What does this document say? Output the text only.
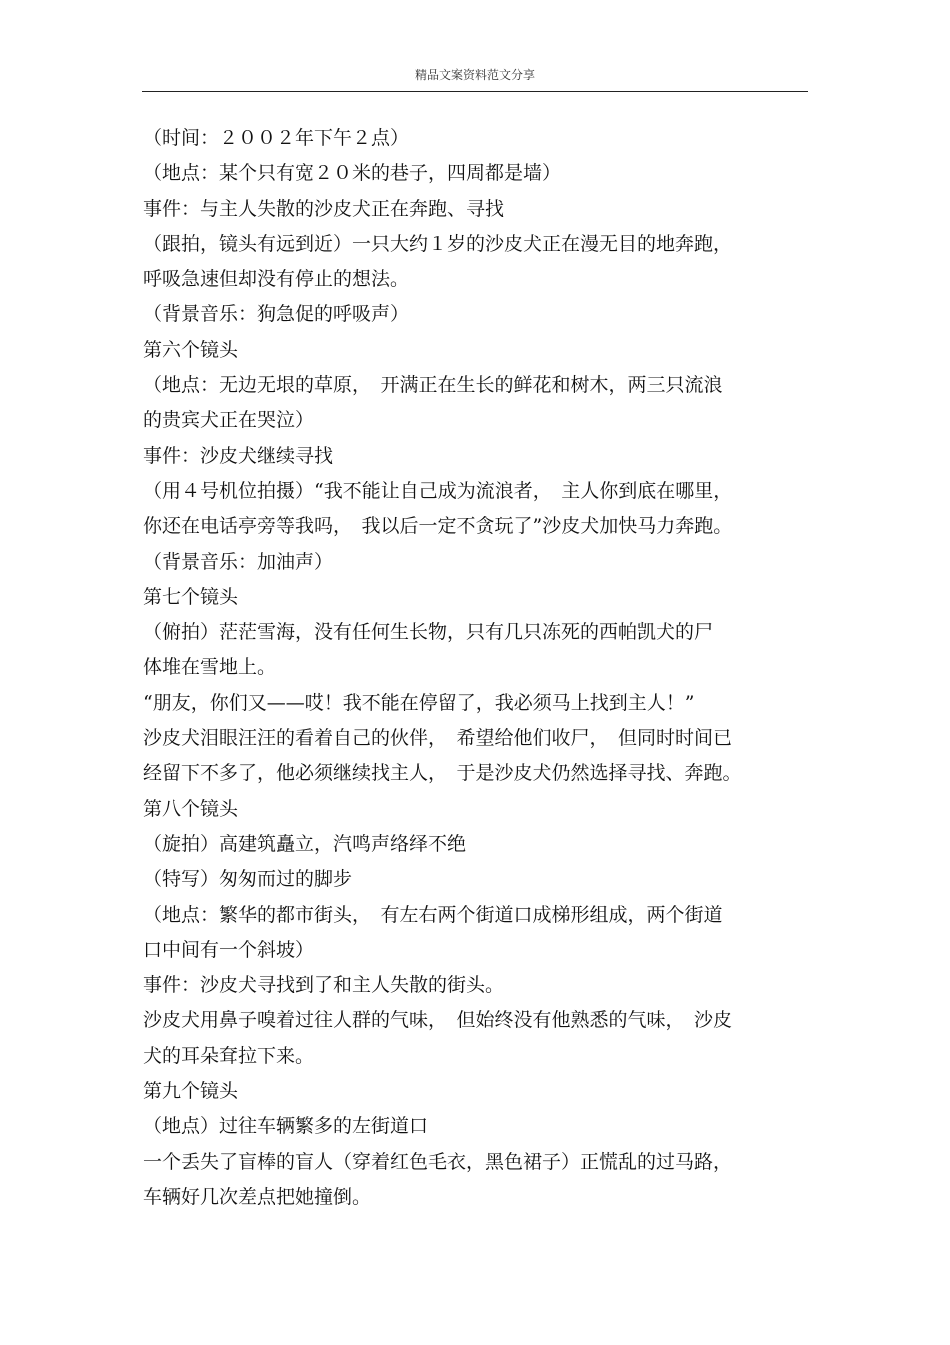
精品文案资料范文分享
（时间：２００２年下午２点）
（地点：某个只有宽２０米的巷子，四周都是墙）
事件：与主人失散的沙皮犬正在奔跑、寻找
（跟拍，镜头有远到近）一只大约１岁的沙皮犬正在漫无目的地奔跑，
呼吸急速但却没有停止的想法。
（背景音乐：狗急促的呼吸声）
第六个镜头
（地点：无边无垠的草原，　开满正在生长的鲜花和树木，两三只流浪
的贵宾犬正在哭泣）
事件：沙皮犬继续寻找
（用４号机位拍摄）“我不能让自己成为流浪者，　主人你到底在哪里，
你还在电话亭旁等我吗，　我以后一定不贪玩了”沙皮犬加快马力奔跑。
（背景音乐：加油声）
第七个镜头
（俯拍）茫茫雪海，没有任何生长物，只有几只冻死的西帕凯犬的尸
体堆在雪地上。
“朋友，你们又——哎！我不能在停留了，我必须马上找到主人！”
沙皮犬泪眼汪汪的看着自己的伙伴，　希望给他们收尸，　但同时时间已
经留下不多了，他必须继续找主人，　于是沙皮犬仍然选择寻找、奔跑。
第八个镜头
（旋拍）高建筑矗立，汽鸣声络绎不绝
（特写）匆匆而过的脚步
（地点：繁华的都市街头，　有左右两个街道口成梯形组成，两个街道
口中间有一个斜坡）
事件：沙皮犬寻找到了和主人失散的街头。
沙皮犬用鼻子嗅着过往人群的气味，　但始终没有他熟悉的气味，　沙皮
犬的耳朵耷拉下来。
第九个镜头
（地点）过往车辆繁多的左街道口
一个丢失了盲棒的盲人（穿着红色毛衣，黑色裙子）正慌乱的过马路，
车辆好几次差点把她撞倒。
